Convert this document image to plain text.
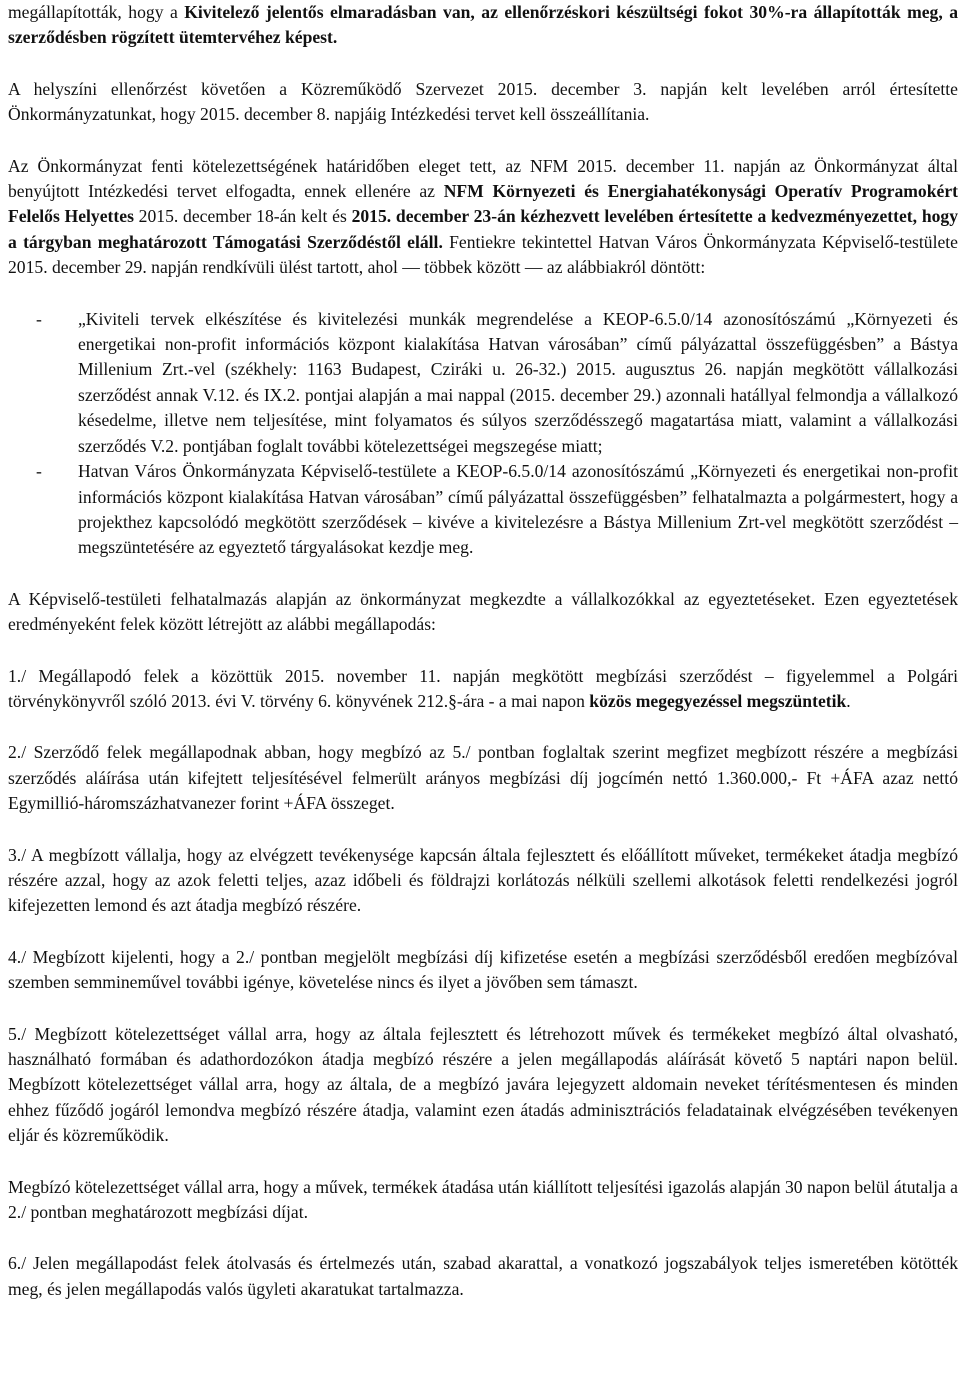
megállapították, hogy a Kivitelező jelentős elmaradásban van, az ellenőrzéskori készültségi fokot 30%-ra állapították meg, a szerződésben rögzített ütemtervéhez képest.

A helyszíni ellenőrzést követően a Közreműködő Szervezet 2015. december 3. napján kelt levelében arról értesítette Önkormányzatunkat, hogy 2015. december 8. napjáig Intézkedési tervet kell összeállítania.

Az Önkormányzat fenti kötelezettségének határidőben eleget tett, az NFM 2015. december 11. napján az Önkormányzat által benyújtott Intézkedési tervet elfogadta, ennek ellenére az NFM Környezeti és Energiahatékonysági Operatív Programokért Felelős Helyettes 2015. december 18-án kelt és 2015. december 23-án kézhezvett levelében értesítette a kedvezményezettet, hogy a tárgyban meghatározott Támogatási Szerződéstől eláll. Fentiekre tekintettel Hatvan Város Önkormányzata Képviselő-testülete 2015. december 29. napján rendkívüli ülést tartott, ahol — többek között — az alábbiakról döntött:

-	„Kiviteli tervek elkészítése és kivitelezési munkák megrendelése a KEOP-6.5.0/14 azonosítószámú „Környezeti és energetikai non-profit információs központ kialakítása Hatvan városában” című pályázattal összefüggésben” a Bástya Millenium Zrt.-vel (székhely: 1163 Budapest, Cziráki u. 26-32.) 2015. augusztus 26. napján megkötött vállalkozási szerződést annak V.12. és IX.2. pontjai alapján a mai nappal (2015. december 29.) azonnali hatállyal felmondja a vállalkozó késedelme, illetve nem teljesítése, mint folyamatos és súlyos szerződésszegő magatartása miatt, valamint a vállalkozási szerződés V.2. pontjában foglalt további kötelezettségei megszegése miatt;
-	Hatvan Város Önkormányzata Képviselő-testülete a KEOP-6.5.0/14 azonosítószámú „Környezeti és energetikai non-profit információs központ kialakítása Hatvan városában” című pályázattal összefüggésben” felhatalmazta a polgármestert, hogy a projekthez kapcsolódó megkötött szerződések – kivéve a kivitelezésre a Bástya Millenium Zrt-vel megkötött szerződést – megszüntetésére az egyeztető tárgyalásokat kezdje meg.

A Képviselő-testületi felhatalmazás alapján az önkormányzat megkezdte a vállalkozókkal az egyeztetéseket. Ezen egyeztetések eredményeként felek között létrejött az alábbi megállapodás:

1./ Megállapodó felek a közöttük 2015. november 11. napján megkötött megbízási szerződést – figyelemmel a Polgári törvénykönyvről szóló 2013. évi V. törvény 6. könyvének 212.§-ára - a mai napon közös megegyezéssel megszüntetik.

2./ Szerződő felek megállapodnak abban, hogy megbízó az 5./ pontban foglaltak szerint megfizet megbízott részére a megbízási szerződés aláírása után kifejtett teljesítésével felmerült arányos megbízási díj jogcímén nettó 1.360.000,- Ft +ÁFA azaz nettó Egymillió-háromszázhatvanezer forint +ÁFA összeget.

3./ A megbízott vállalja, hogy az elvégzett tevékenysége kapcsán általa fejlesztett és előállított műveket, termékeket átadja megbízó részére azzal, hogy az azok feletti teljes, azaz időbeli és földrajzi korlátozás nélküli szellemi alkotások feletti rendelkezési jogról kifejezetten lemond és azt átadja megbízó részére.

4./ Megbízott kijelenti, hogy a 2./ pontban megjelölt megbízási díj kifizetése esetén a megbízási szerződésből eredően megbízóval szemben semmineművel további igénye, követelése nincs és ilyet a jövőben sem támaszt.

5./ Megbízott kötelezettséget vállal arra, hogy az általa fejlesztett és létrehozott művek és termékeket megbízó által olvasható, használható formában és adathordozókon átadja megbízó részére a jelen megállapodás aláírását követő 5 naptári napon belül. Megbízott kötelezettséget vállal arra, hogy az általa, de a megbízó javára lejegyzett aldomain neveket térítésmentesen és minden ehhez fűződő jogáról lemondva megbízó részére átadja, valamint ezen átadás adminisztrációs feladatainak elvégzésében tevékenyen eljár és közreműködik.

Megbízó kötelezettséget vállal arra, hogy a művek, termékek átadása után kiállított teljesítési igazolás alapján 30 napon belül átutalja a 2./ pontban meghatározott megbízási díjat.

6./ Jelen megállapodást felek átolvasás és értelmezés után, szabad akarattal, a vonatkozó jogszabályok teljes ismeretében kötötték meg, és jelen megállapodás valós ügyleti akaratukat tartalmazza.
